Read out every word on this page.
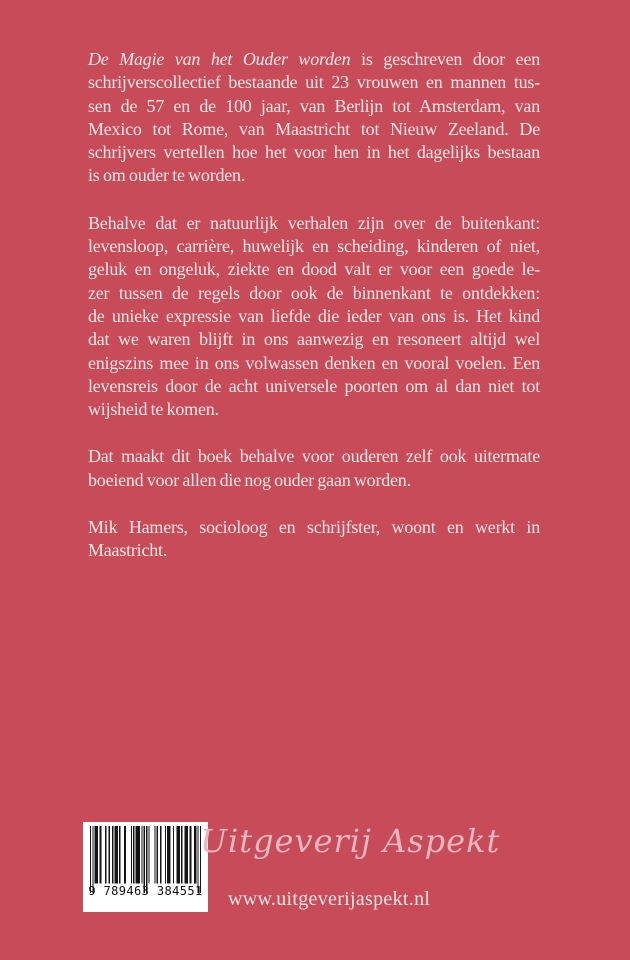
De Magie van het Ouder worden is geschreven door een
schrijverscollectief bestaande uit 23 vrouwen en mannen tus-
sen de 57 en de 100 jaar, van Berlijn tot Amsterdam, van
Mexico tot Rome, van Maastricht tot Nieuw Zeeland. De
schrijvers vertellen hoe het voor hen in het dagelijks bestaan
is om ouder te worden.
Behalve dat er natuurlijk verhalen zijn over de buitenkant:
levensloop, carrière, huwelijk en scheiding, kinderen of niet,
geluk en ongeluk, ziekte en dood valt er voor een goede le-
zer tussen de regels door ook de binnenkant te ontdekken:
de unieke expressie van liefde die ieder van ons is. Het kind
dat we waren blijft in ons aanwezig en resoneert altijd wel
enigszins mee in ons volwassen denken en vooral voelen. Een
levensreis door de acht universele poorten om al dan niet tot
wijsheid te komen.
Dat maakt dit boek behalve voor ouderen zelf ook uitermate
boeiend voor allen die nog ouder gaan worden.
Mik Hamers, socioloog en schrijfster, woont en werkt in
Maastricht.
9 789463 384551
Uitgeverij Aspekt
www.uitgeverijaspekt.nl
